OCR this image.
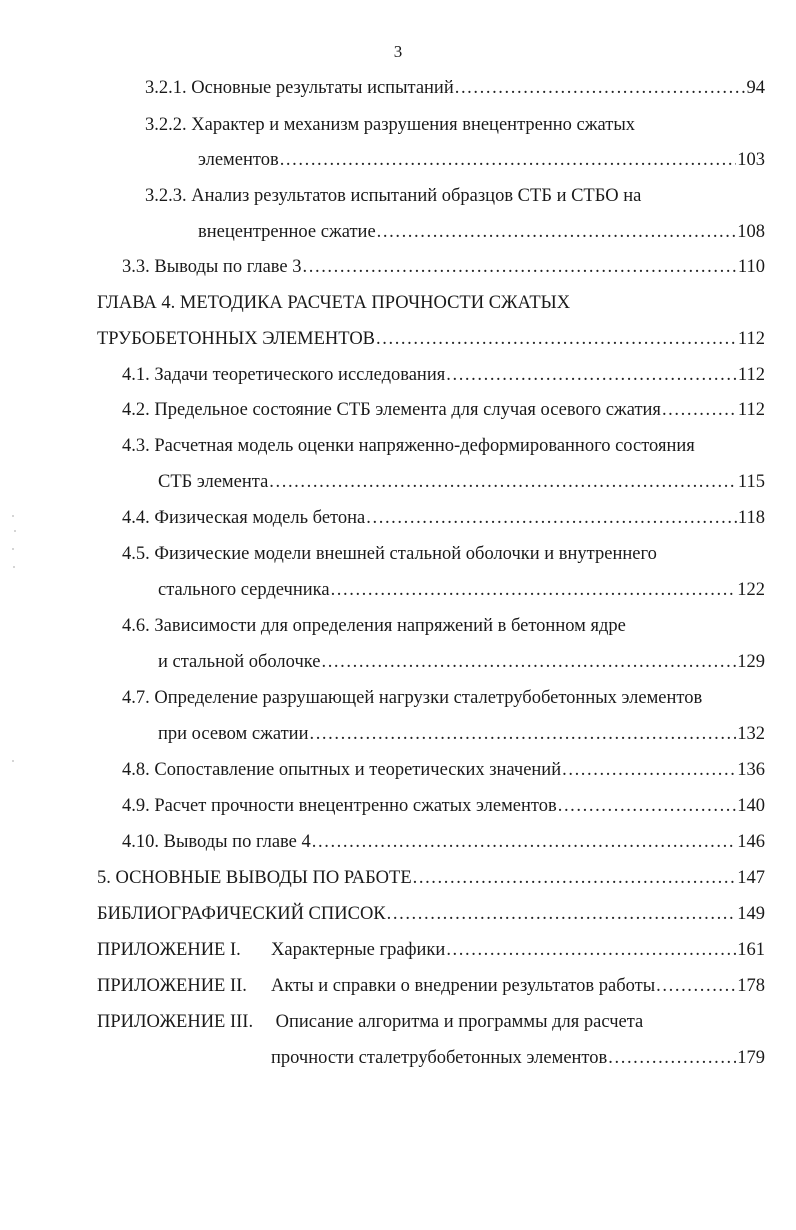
3
3.2.1. Основные результаты испытаний .....	94
3.2.2. Характер и механизм разрушения внецентренно сжатых
элементов .....	103
3.2.3. Анализ результатов испытаний образцов СТБ и СТБО на
внецентренное сжатие .....	108
3.3. Выводы по главе 3 .....	110
ГЛАВА 4. МЕТОДИКА РАСЧЕТА ПРОЧНОСТИ СЖАТЫХ
ТРУБОБЕТОННЫХ ЭЛЕМЕНТОВ .....	112
4.1. Задачи теоретического исследования .....	112
4.2. Предельное состояние СТБ элемента для случая осевого сжатия .....	112
4.3. Расчетная модель оценки напряженно-деформированного состояния
СТБ элемента .....	115
4.4. Физическая модель бетона .....	118
4.5. Физические модели внешней стальной оболочки и внутреннего
стального сердечника .....	122
4.6. Зависимости для определения напряжений в бетонном ядре
и стальной оболочке .....	129
4.7. Определение разрушающей нагрузки сталетрубобетонных элементов
при осевом сжатии .....	132
4.8. Сопоставление опытных и теоретических значений .....	136
4.9. Расчет прочности внецентренно сжатых элементов .....	140
4.10. Выводы по главе 4 .....	146
5. ОСНОВНЫЕ ВЫВОДЫ ПО РАБОТЕ .....	147
БИБЛИОГРАФИЧЕСКИЙ СПИСОК .....	149
ПРИЛОЖЕНИЕ I.	Характерные графики .....	161
ПРИЛОЖЕНИЕ II.	Акты и справки о внедрении результатов работы .....	178
ПРИЛОЖЕНИЕ III. Описание алгоритма и программы для расчета
прочности сталетрубобетонных элементов .....	179
